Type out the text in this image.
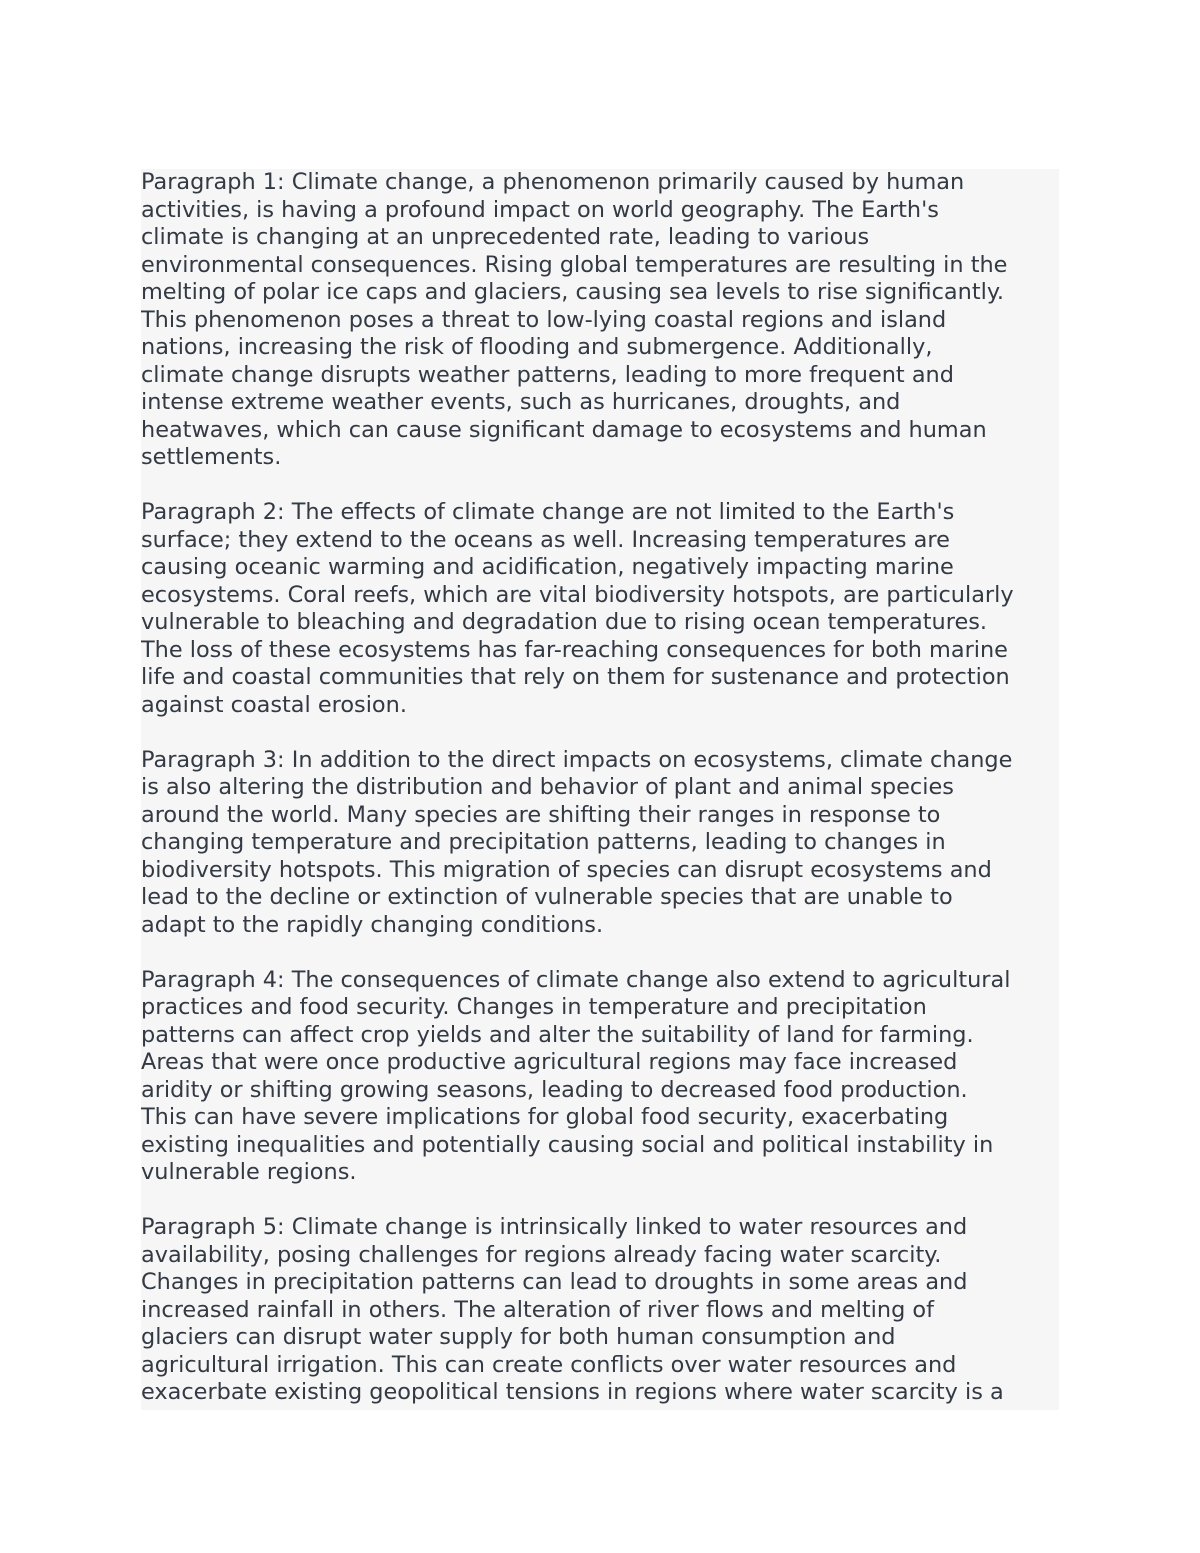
Paragraph 1: Climate change, a phenomenon primarily caused by human
activities, is having a profound impact on world geography. The Earth's
climate is changing at an unprecedented rate, leading to various
environmental consequences. Rising global temperatures are resulting in the
melting of polar ice caps and glaciers, causing sea levels to rise significantly.
This phenomenon poses a threat to low-lying coastal regions and island
nations, increasing the risk of flooding and submergence. Additionally,
climate change disrupts weather patterns, leading to more frequent and
intense extreme weather events, such as hurricanes, droughts, and
heatwaves, which can cause significant damage to ecosystems and human
settlements.

Paragraph 2: The effects of climate change are not limited to the Earth's
surface; they extend to the oceans as well. Increasing temperatures are
causing oceanic warming and acidification, negatively impacting marine
ecosystems. Coral reefs, which are vital biodiversity hotspots, are particularly
vulnerable to bleaching and degradation due to rising ocean temperatures.
The loss of these ecosystems has far-reaching consequences for both marine
life and coastal communities that rely on them for sustenance and protection
against coastal erosion.

Paragraph 3: In addition to the direct impacts on ecosystems, climate change
is also altering the distribution and behavior of plant and animal species
around the world. Many species are shifting their ranges in response to
changing temperature and precipitation patterns, leading to changes in
biodiversity hotspots. This migration of species can disrupt ecosystems and
lead to the decline or extinction of vulnerable species that are unable to
adapt to the rapidly changing conditions.

Paragraph 4: The consequences of climate change also extend to agricultural
practices and food security. Changes in temperature and precipitation
patterns can affect crop yields and alter the suitability of land for farming.
Areas that were once productive agricultural regions may face increased
aridity or shifting growing seasons, leading to decreased food production.
This can have severe implications for global food security, exacerbating
existing inequalities and potentially causing social and political instability in
vulnerable regions.

Paragraph 5: Climate change is intrinsically linked to water resources and
availability, posing challenges for regions already facing water scarcity.
Changes in precipitation patterns can lead to droughts in some areas and
increased rainfall in others. The alteration of river flows and melting of
glaciers can disrupt water supply for both human consumption and
agricultural irrigation. This can create conflicts over water resources and
exacerbate existing geopolitical tensions in regions where water scarcity is a
